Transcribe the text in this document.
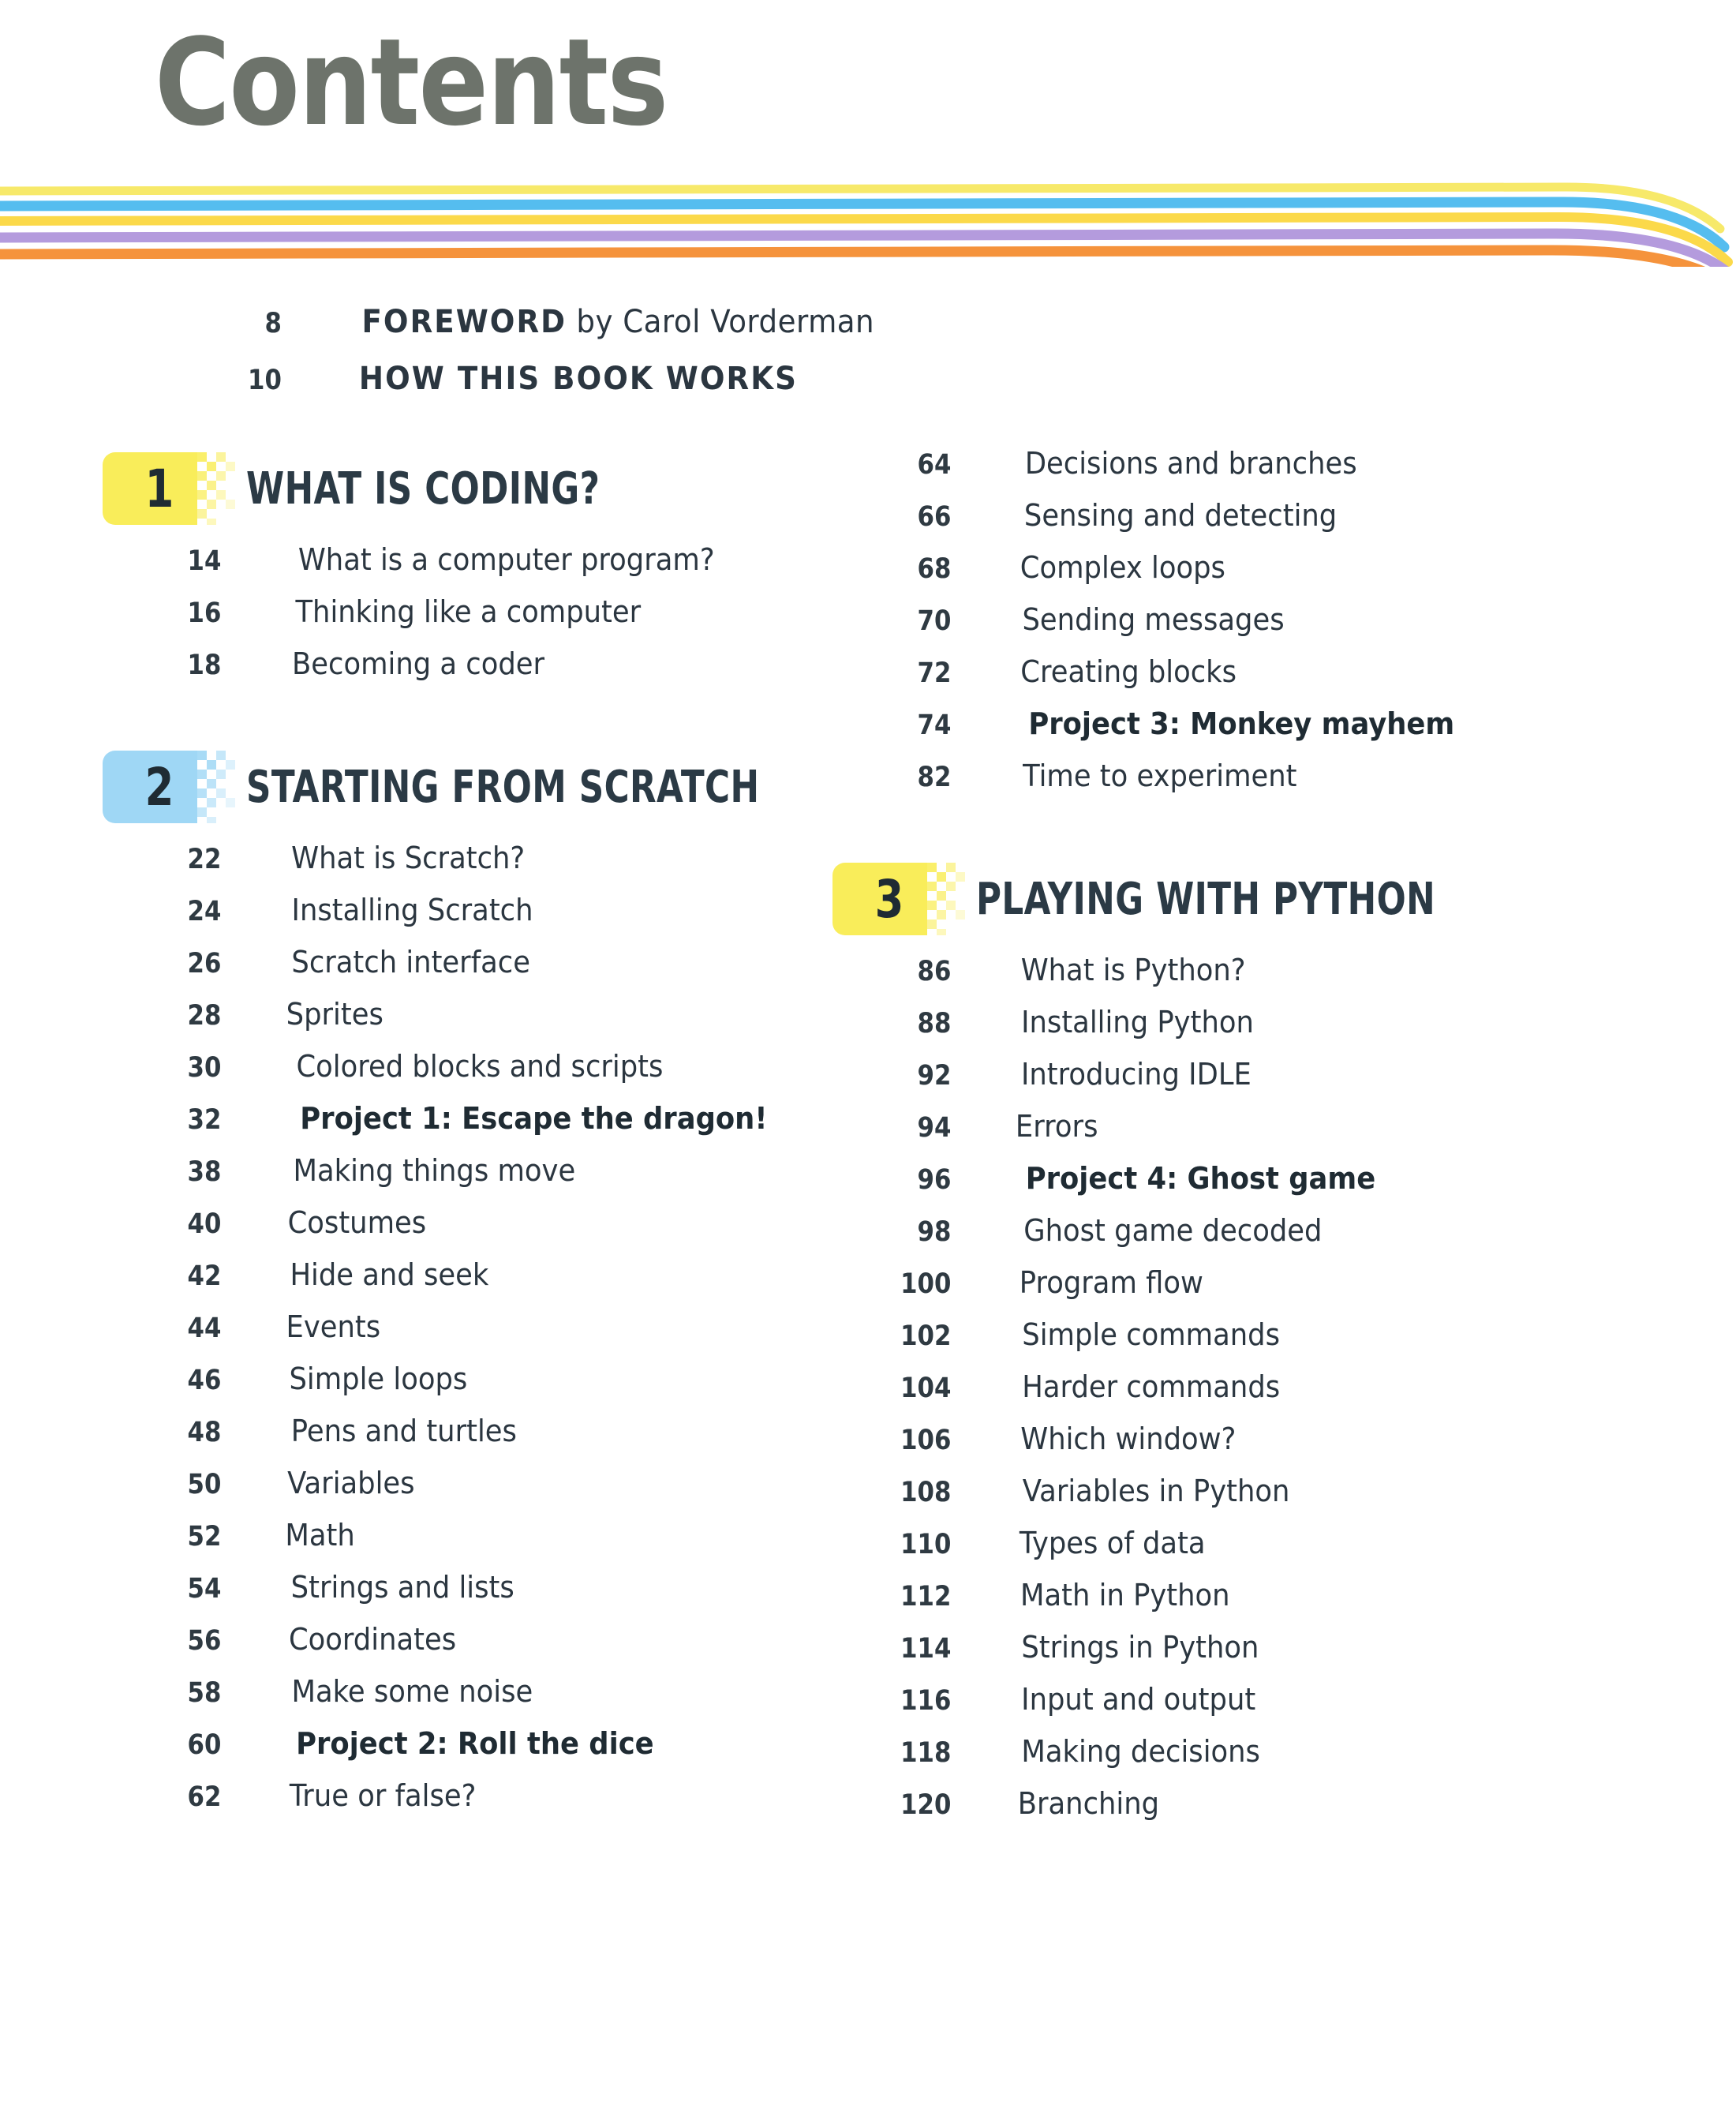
Contents
8	FOREWORD by Carol Vorderman
10 HOW THIS BOOK WORKS
1 WHAT IS CODING?
14	What is a computer program?
16 Thinking like a computer
18 Becoming a coder
2 STARTING FROM SCRATCH
22 What is Scratch?
24 Installing Scratch
26 Scratch interface
28 Sprites
30	Colored blocks and scripts
32	Project 1: Escape the dragon!
38 Making things move
40 Costumes
42 Hide and seek
44 Events
46 Simple loops
48 Pens and turtles
50 Variables
52 Math
54 Strings and lists
56 Coordinates
58 Make some noise
60 Project 2: Roll the dice
62 True or false?
64 Decisions and branches
66 Sensing and detecting
68 Complex loops
70 Sending messages
72 Creating blocks
74	Project 3: Monkey mayhem
82 Time to experiment
3 PLAYING WITH PYTHON
86 What is Python?
88 Installing Python
92 Introducing IDLE
94 Errors
96 Project 4: Ghost game
98 Ghost game decoded
100 Program flow
102 Simple commands
104 Harder commands
106 Which window?
108 Variables in Python
110 Types of data
112 Math in Python
114 Strings in Python
116 Input and output
118 Making decisions
120 Branching
